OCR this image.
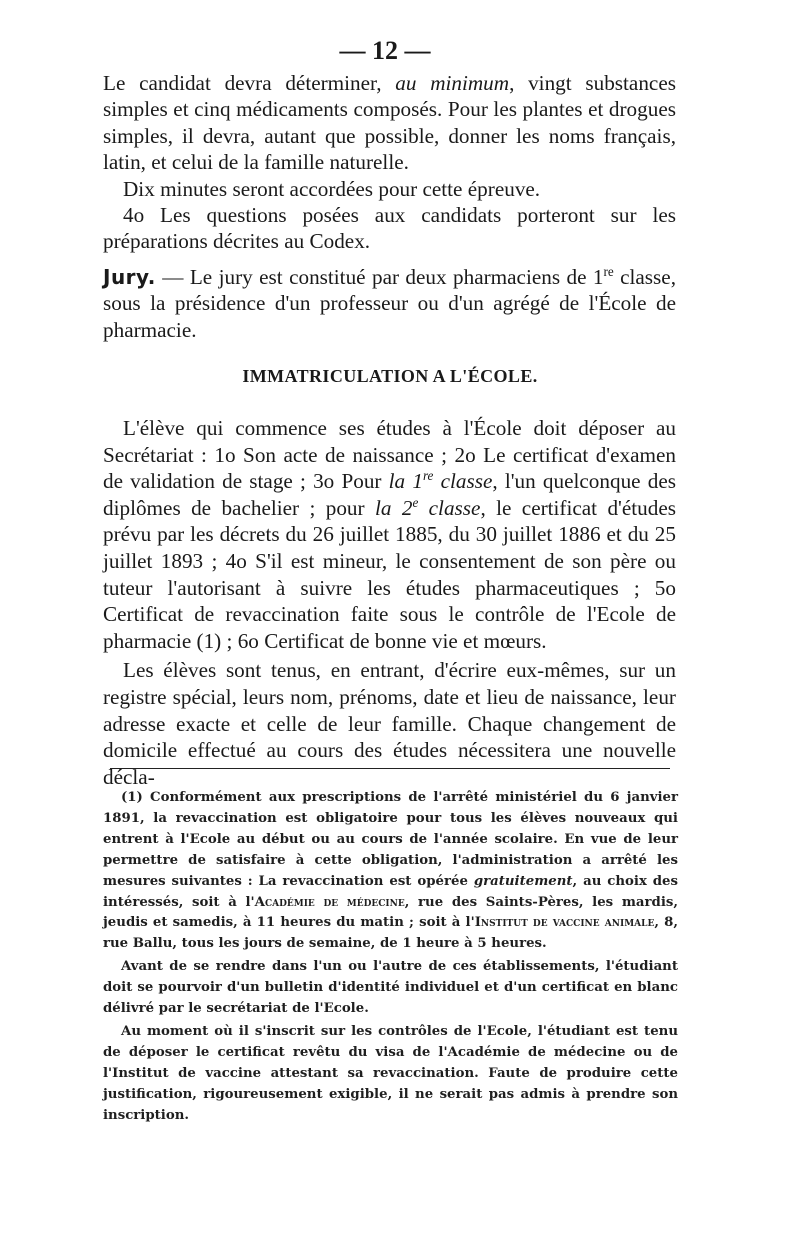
— 12 —

Le candidat devra déterminer, au minimum, vingt substances simples et cinq médicaments composés. Pour les plantes et drogues simples, il devra, autant que possible, donner les noms français, latin, et celui de la famille naturelle.

Dix minutes seront accordées pour cette épreuve.

4o Les questions posées aux candidats porteront sur les préparations décrites au Codex.

Jury. — Le jury est constitué par deux pharmaciens de 1re classe, sous la présidence d'un professeur ou d'un agrégé de l'École de pharmacie.

IMMATRICULATION A L'ÉCOLE.

L'élève qui commence ses études à l'École doit déposer au Secrétariat : 1o Son acte de naissance ; 2o Le certificat d'examen de validation de stage ; 3o Pour la 1re classe, l'un quelconque des diplômes de bachelier ; pour la 2e classe, le certificat d'études prévu par les décrets du 26 juillet 1885, du 30 juillet 1886 et du 25 juillet 1893 ; 4o S'il est mineur, le consentement de son père ou tuteur l'autorisant à suivre les études pharmaceutiques ; 5o Certificat de revaccination faite sous le contrôle de l'Ecole de pharmacie (1) ; 6o Certificat de bonne vie et mœurs.

Les élèves sont tenus, en entrant, d'écrire eux-mêmes, sur un registre spécial, leurs nom, prénoms, date et lieu de naissance, leur adresse exacte et celle de leur famille. Chaque changement de domicile effectué au cours des études nécessitera une nouvelle décla-

(1) Conformément aux prescriptions de l'arrêté ministériel du 6 janvier 1891, la revaccination est obligatoire pour tous les élèves nouveaux qui entrent à l'Ecole au début ou au cours de l'année scolaire. En vue de leur permettre de satisfaire à cette obligation, l'administration a arrêté les mesures suivantes : La revaccination est opérée gratuitement, au choix des intéressés, soit à l'Académie de médecine, rue des Saints-Pères, les mardis, jeudis et samedis, à 11 heures du matin ; soit à l'Institut de vaccine animale, 8, rue Ballu, tous les jours de semaine, de 1 heure à 5 heures.

Avant de se rendre dans l'un ou l'autre de ces établissements, l'étudiant doit se pourvoir d'un bulletin d'identité individuel et d'un certificat en blanc délivré par le secrétariat de l'Ecole.

Au moment où il s'inscrit sur les contrôles de l'Ecole, l'étudiant est tenu de déposer le certificat revêtu du visa de l'Académie de médecine ou de l'Institut de vaccine attestant sa revaccination. Faute de produire cette justification, rigoureusement exigible, il ne serait pas admis à prendre son inscription.
